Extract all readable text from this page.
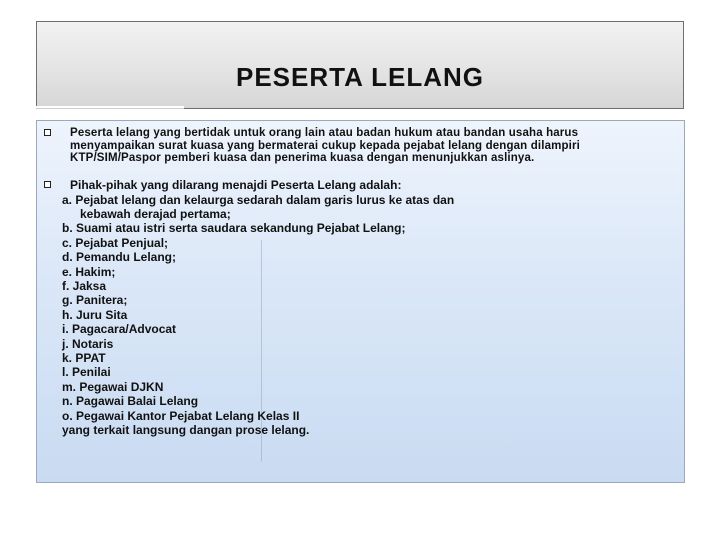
PESERTA LELANG
Peserta lelang yang bertidak untuk orang lain atau badan hukum atau bandan usaha harus
menyampaikan surat kuasa yang bermaterai cukup kepada pejabat lelang dengan dilampiri
KTP/SIM/Paspor pemberi kuasa dan penerima kuasa dengan menunjukkan aslinya.
Pihak-pihak yang dilarang menajdi Peserta Lelang adalah:
a. Pejabat lelang dan kelaurga sedarah dalam garis lurus ke atas dan
kebawah derajad pertama;
b. Suami atau istri serta saudara sekandung Pejabat Lelang;
c. Pejabat Penjual;
d. Pemandu Lelang;
e. Hakim;
f. Jaksa
g. Panitera;
h. Juru Sita
i. Pagacara/Advocat
j. Notaris
k. PPAT
l. Penilai
m. Pegawai DJKN
n. Pagawai Balai Lelang
o. Pegawai Kantor Pejabat Lelang Kelas II
yang terkait langsung dangan prose lelang.
